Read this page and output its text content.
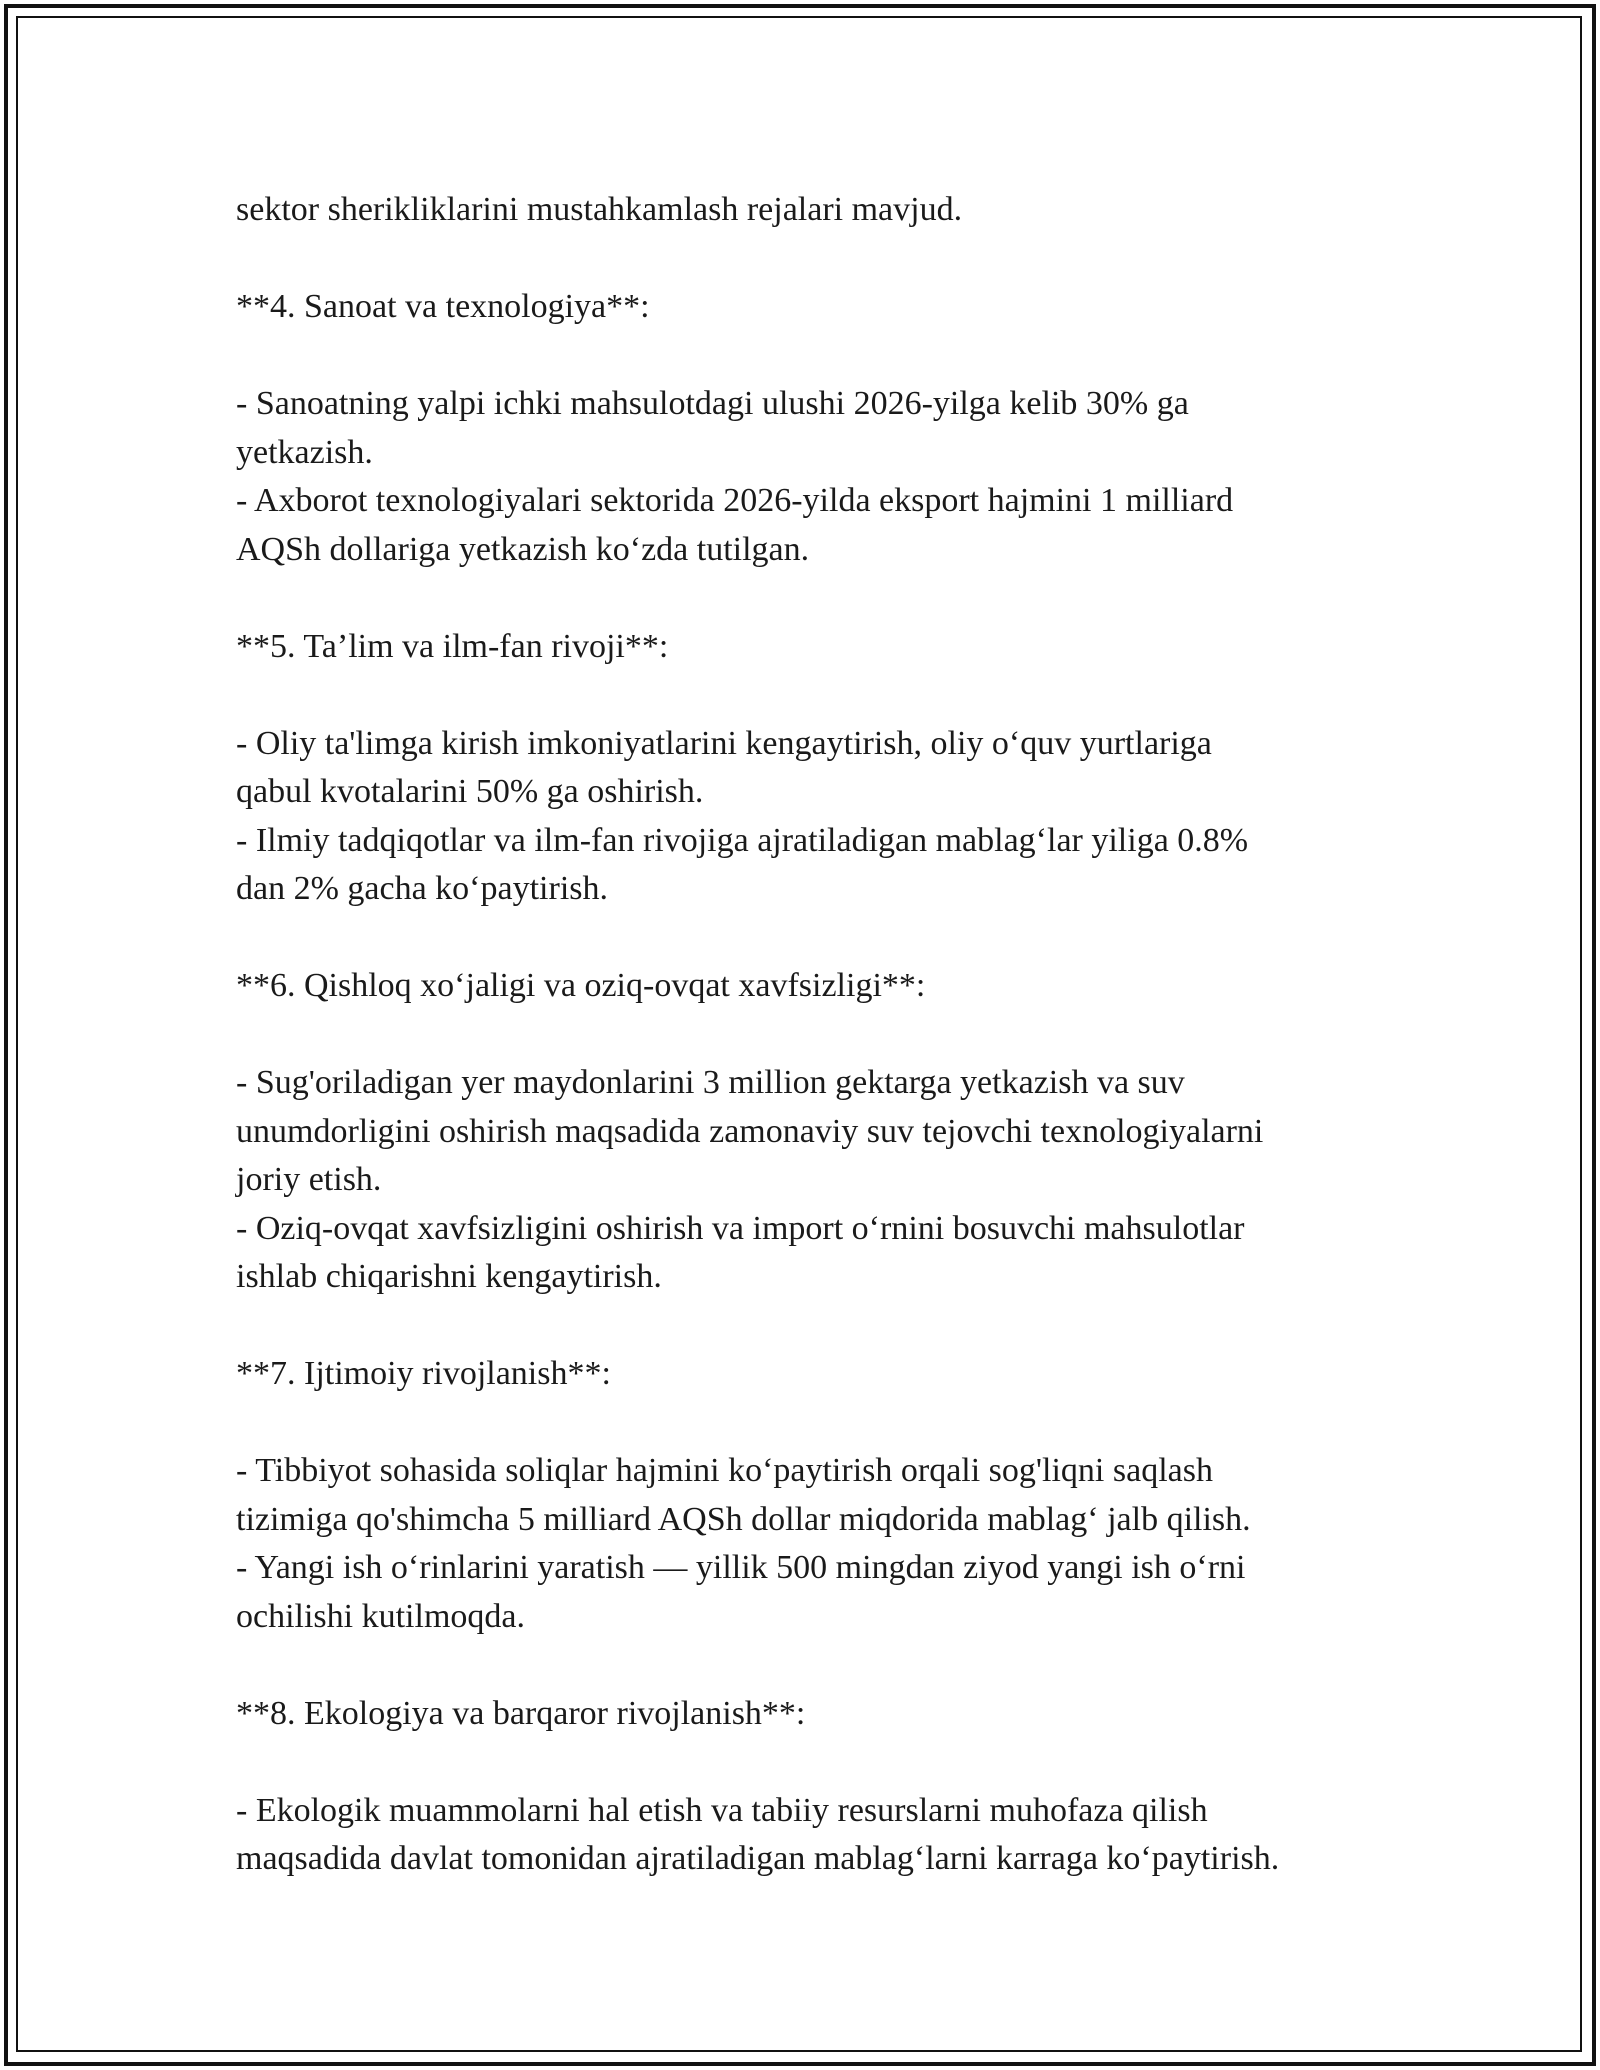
sektor sherikliklarini mustahkamlash rejalari mavjud.

**4. Sanoat va texnologiya**:

- Sanoatning yalpi ichki mahsulotdagi ulushi 2026-yilga kelib 30% ga

yetkazish.

- Axborot texnologiyalari sektorida 2026-yilda eksport hajmini 1 milliard

AQSh dollariga yetkazish ko‘zda tutilgan.

**5. Ta’lim va ilm-fan rivoji**:

- Oliy ta'limga kirish imkoniyatlarini kengaytirish, oliy o‘quv yurtlariga

qabul kvotalarini 50% ga oshirish.

- Ilmiy tadqiqotlar va ilm-fan rivojiga ajratiladigan mablag‘lar yiliga 0.8%

dan 2% gacha ko‘paytirish.

**6. Qishloq xo‘jaligi va oziq-ovqat xavfsizligi**:

- Sug'oriladigan yer maydonlarini 3 million gektarga yetkazish va suv

unumdorligini oshirish maqsadida zamonaviy suv tejovchi texnologiyalarni

joriy etish.

- Oziq-ovqat xavfsizligini oshirish va import o‘rnini bosuvchi mahsulotlar

ishlab chiqarishni kengaytirish.

**7. Ijtimoiy rivojlanish**:

- Tibbiyot sohasida soliqlar hajmini ko‘paytirish orqali sog'liqni saqlash

tizimiga qo'shimcha 5 milliard AQSh dollar miqdorida mablag‘ jalb qilish.

- Yangi ish o‘rinlarini yaratish — yillik 500 mingdan ziyod yangi ish o‘rni

ochilishi kutilmoqda.

**8. Ekologiya va barqaror rivojlanish**:

- Ekologik muammolarni hal etish va tabiiy resurslarni muhofaza qilish

maqsadida davlat tomonidan ajratiladigan mablag‘larni karraga ko‘paytirish.
